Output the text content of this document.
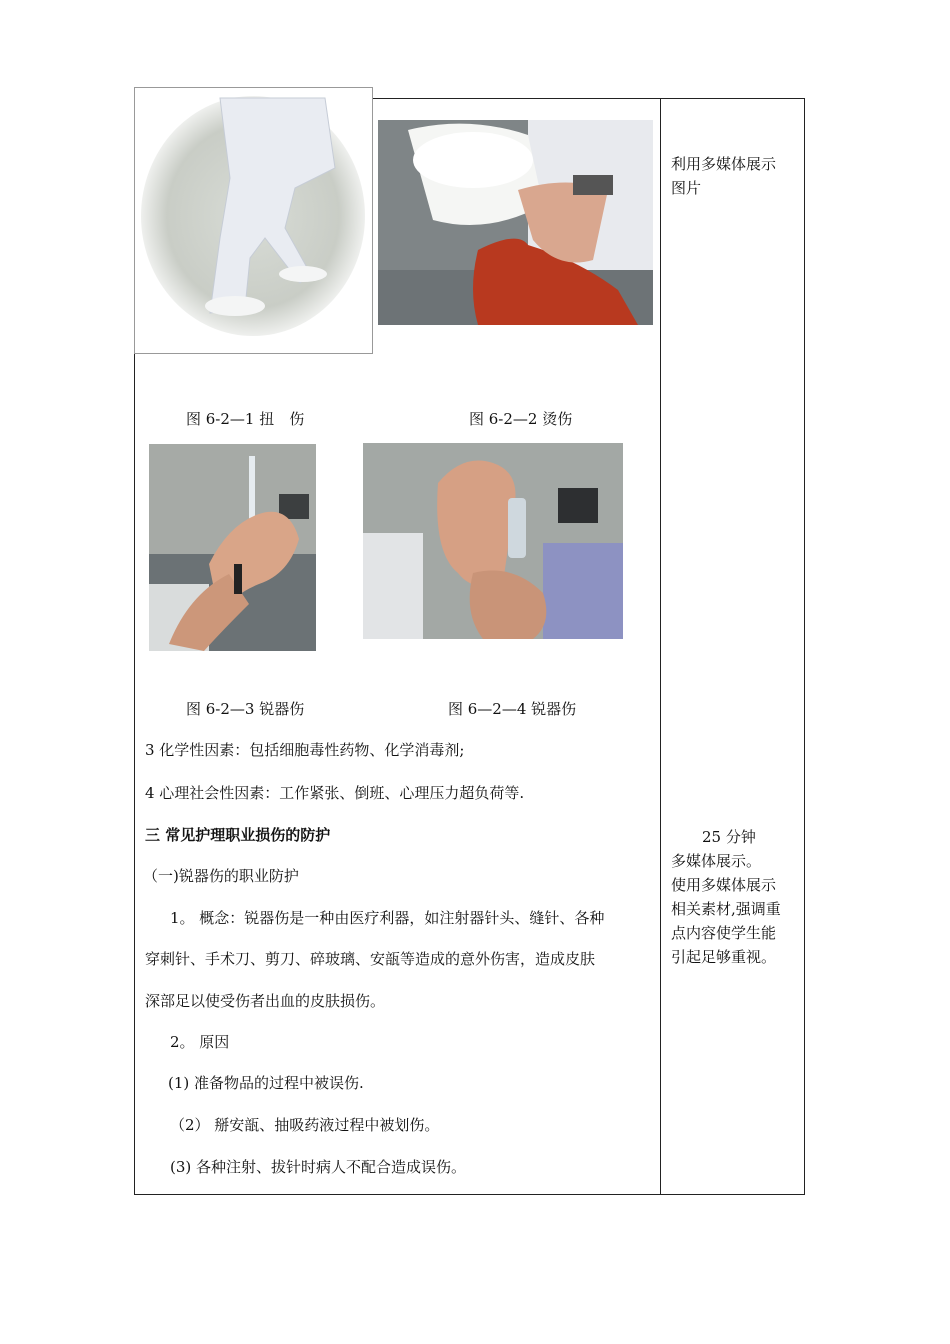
图 6-2—1 扭　伤	图 6-2—2 烫伤
图 6-2—3 锐器伤	图 6—2—4 锐器伤
3 化学性因素：包括细胞毒性药物、化学消毒剂;
4 心理社会性因素：工作紧张、倒班、心理压力超负荷等.
三 常见护理职业损伤的防护
（一)锐器伤的职业防护
1。 概念：锐器伤是一种由医疗利器，如注射器针头、缝针、各种
穿刺针、手术刀、剪刀、碎玻璃、安瓿等造成的意外伤害，造成皮肤
深部足以使受伤者出血的皮肤损伤。
2。 原因
(1) 准备物品的过程中被误伤.
（2） 掰安瓿、抽吸药液过程中被划伤。
(3) 各种注射、拔针时病人不配合造成误伤。
利用多媒体展示
图片
25 分钟
多媒体展示。
使用多媒体展示
相关素材,强调重
点内容使学生能
引起足够重视。
